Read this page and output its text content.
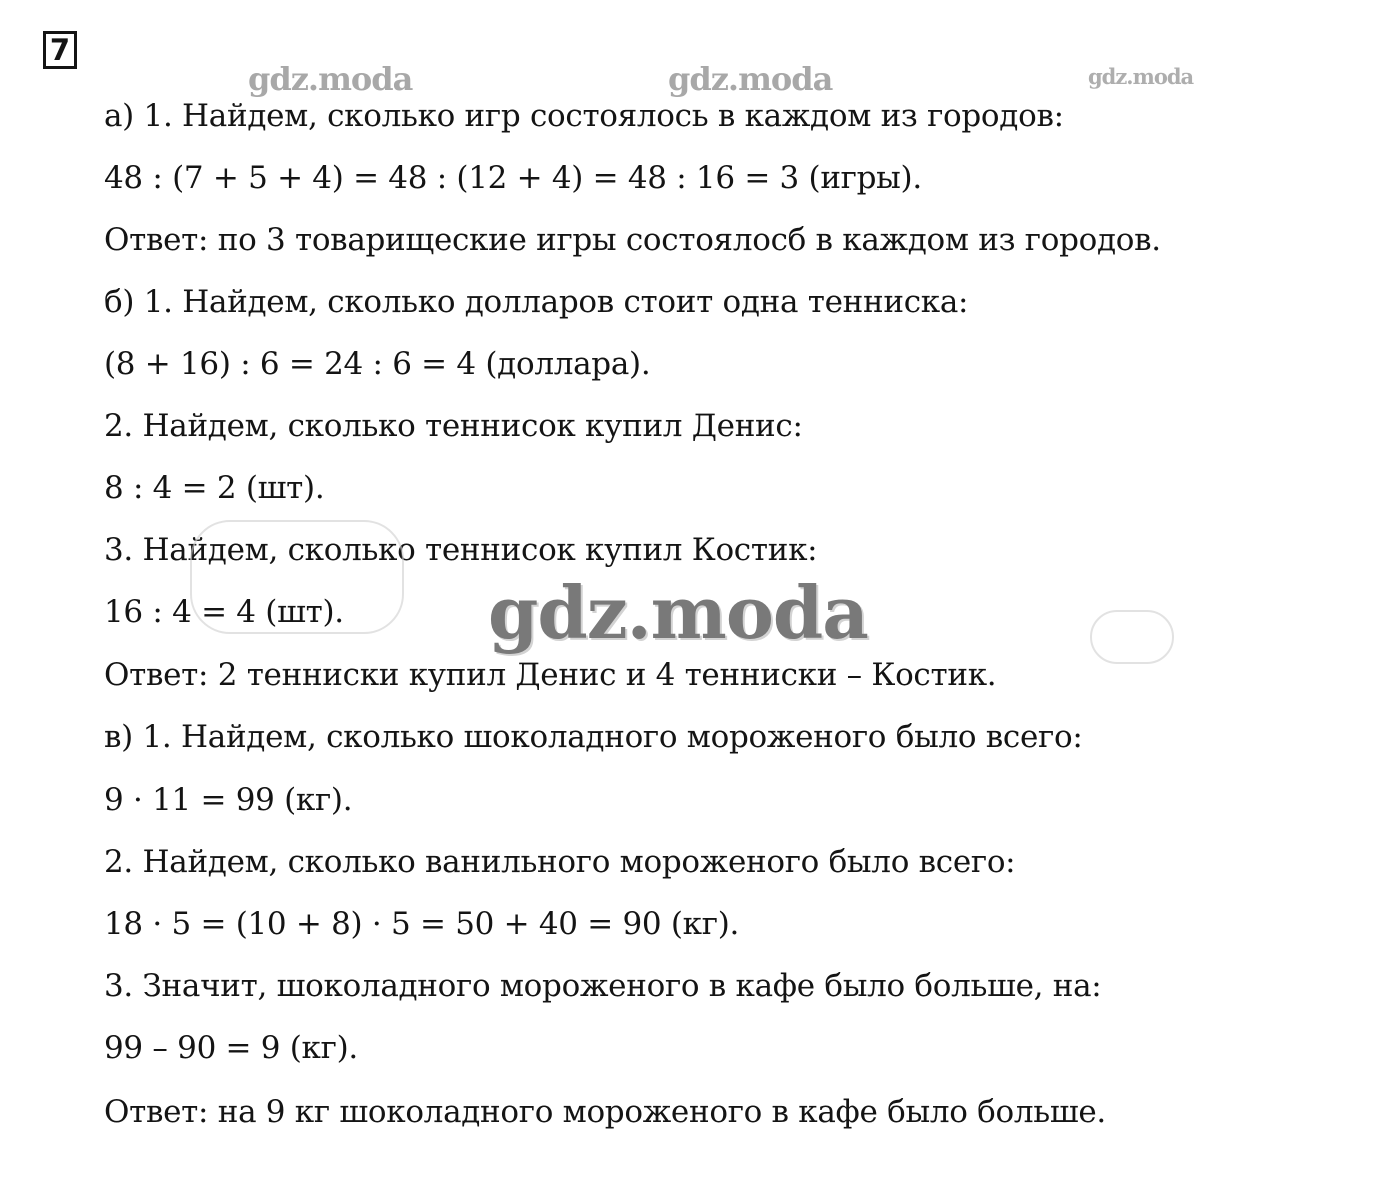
7
gdz.moda	gdz.moda	gdz.moda
а) 1. Найдем, сколько игр состоялось в каждом из городов:
48 : (7 + 5 + 4) = 48 : (12 + 4) = 48 : 16 = 3 (игры).
Ответ: по 3 товарищеские игры состоялосб в каждом из городов.
б) 1. Найдем, сколько долларов стоит одна тенниска:
(8 + 16) : 6 = 24 : 6 = 4 (доллара).
2. Найдем, сколько теннисок купил Денис:
8 : 4 = 2 (шт).
3. Найдем, сколько теннисок купил Костик:
16 : 4 = 4 (шт).
Ответ: 2 тенниски купил Денис и 4 тенниски – Костик.
в) 1. Найдем, сколько шоколадного мороженого было всего:
9 · 11 = 99 (кг).
2. Найдем, сколько ванильного мороженого было всего:
18 · 5 = (10 + 8) · 5 = 50 + 40 = 90 (кг).
3. Значит, шоколадного мороженого в кафе было больше, на:
99 – 90 = 9 (кг).
Ответ: на 9 кг шоколадного мороженого в кафе было больше.
gdz.moda
